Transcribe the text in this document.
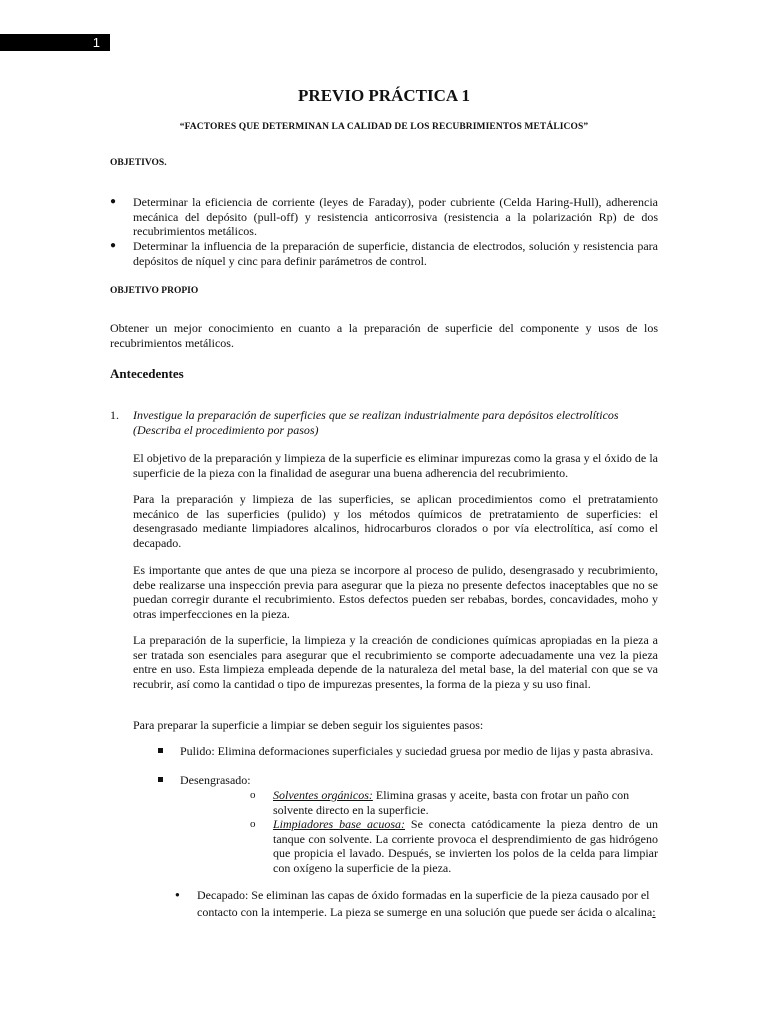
1
PREVIO PRÁCTICA 1
“FACTORES QUE DETERMINAN LA CALIDAD DE LOS RECUBRIMIENTOS METÁLICOS”
OBJETIVOS.
● Determinar la eficiencia de corriente (leyes de Faraday), poder cubriente (Celda Haring-Hull), adherencia mecánica del depósito (pull-off) y resistencia anticorrosiva (resistencia a la polarización Rp) de dos recubrimientos metálicos.

● Determinar la influencia de la preparación de superficie, distancia de electrodos, solución y resistencia para depósitos de níquel y cinc para definir parámetros de control.

OBJETIVO PROPIO

Obtener un mejor conocimiento en cuanto a la preparación de superficie del componente y usos de los recubrimientos metálicos.

Antecedentes
1. Investigue la preparación de superficies que se realizan industrialmente para depósitos electrolíticos (Describa el procedimiento por pasos)

El objetivo de la preparación y limpieza de la superficie es eliminar impurezas como la grasa y el óxido de la superficie de la pieza con la finalidad de asegurar una buena adherencia del recubrimiento.

Para la preparación y limpieza de las superficies, se aplican procedimientos como el pretratamiento mecánico de las superficies (pulido) y los métodos químicos de pretratamiento de superficies: el desengrasado mediante limpiadores alcalinos, hidrocarburos clorados o por vía electrolítica, así como el decapado.

Es importante que antes de que una pieza se incorpore al proceso de pulido, desengrasado y recubrimiento, debe realizarse una inspección previa para asegurar que la pieza no presente defectos inaceptables que no se puedan corregir durante el recubrimiento. Estos defectos pueden ser rebabas, bordes, concavidades, moho y otras imperfecciones en la pieza.

La preparación de la superficie, la limpieza y la creación de condiciones químicas apropiadas en la pieza a ser tratada son esenciales para asegurar que el recubrimiento se comporte adecuadamente una vez la pieza entre en uso. Esta limpieza empleada depende de la naturaleza del metal base, la del material con que se va recubrir, así como la cantidad o tipo de impurezas presentes, la forma de la pieza y su uso final.

Para preparar la superficie a limpiar se deben seguir los siguientes pasos:

Pulido: Elimina deformaciones superficiales y suciedad gruesa por medio de lijas y pasta abrasiva.

Desengrasado:

o Solventes orgánicos: Elimina grasas y aceite, basta con frotar un paño con solvente directo en la superficie.

o Limpiadores base acuosa: Se conecta catódicamente la pieza dentro de un tanque con solvente. La corriente provoca el desprendimiento de gas hidrógeno que propicia el lavado. Después, se invierten los polos de la celda para limpiar con oxígeno la superficie de la pieza.

● Decapado: Se eliminan las capas de óxido formadas en la superficie de la pieza causado por el contacto con la intemperie. La pieza se sumerge en una solución que puede ser ácida o alcalina:
